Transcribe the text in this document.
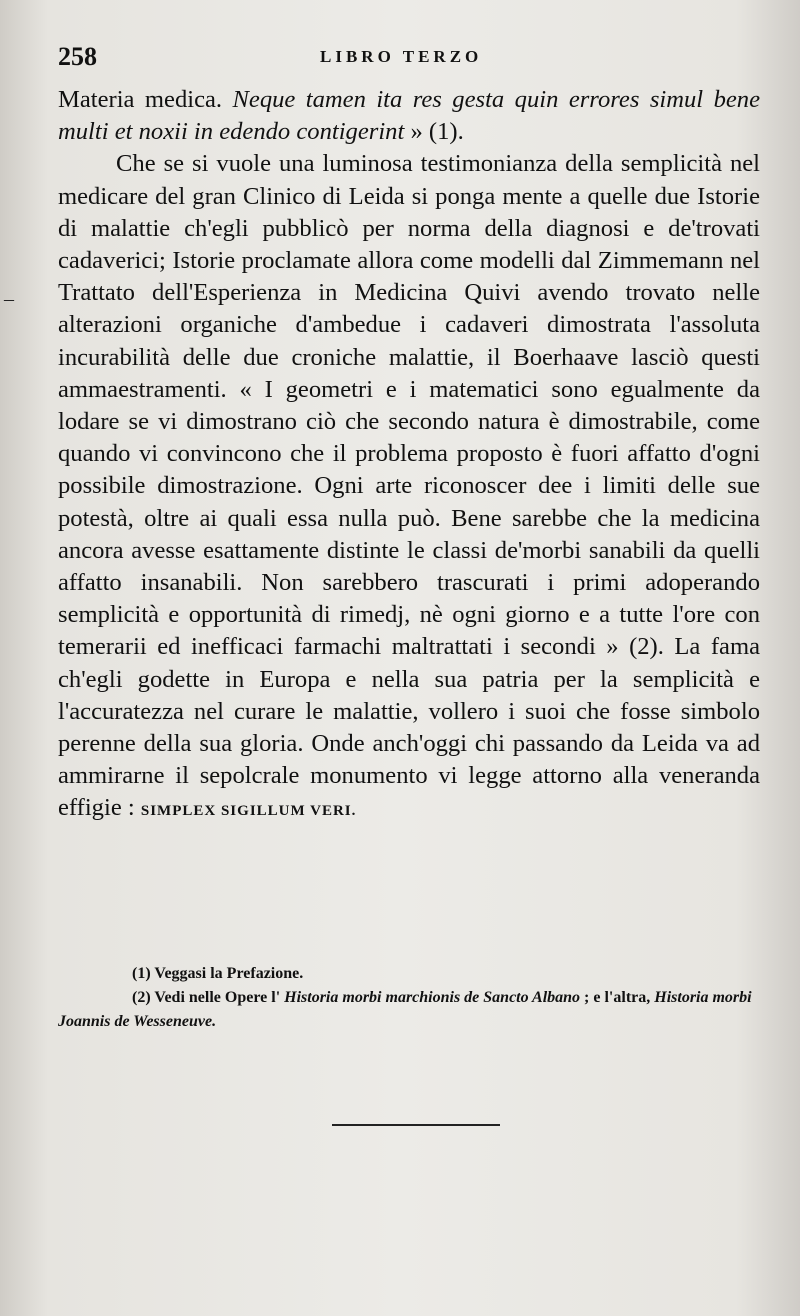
–
258	LIBRO TERZO

Materia medica. Neque tamen ita res gesta quin errores simul bene multi et noxii in edendo contigerint » (1).

Che se si vuole una luminosa testimonianza della semplicità nel medicare del gran Clinico di Leida si ponga mente a quelle due Istorie di malattie ch'egli pubblicò per norma della diagnosi e de'trovati cadaverici; Istorie proclamate allora come modelli dal Zimmemann nel Trattato dell'Esperienza in Medicina Quivi avendo trovato nelle alterazioni organiche d'ambedue i cadaveri dimostrata l'assoluta incurabilità delle due croniche malattie, il Boerhaave lasciò questi ammaestramenti. « I geometri e i matematici sono egualmente da lodare se vi dimostrano ciò che secondo natura è dimostrabile, come quando vi convincono che il problema proposto è fuori affatto d'ogni possibile dimostrazione. Ogni arte riconoscer dee i limiti delle sue potestà, oltre ai quali essa nulla può. Bene sarebbe che la medicina ancora avesse esattamente distinte le classi de'morbi sanabili da quelli affatto insanabili. Non sarebbero trascurati i primi adoperando semplicità e opportunità di rimedj, nè ogni giorno e a tutte l'ore con temerarii ed inefficaci farmachi maltrattati i secondi » (2). La fama ch'egli godette in Europa e nella sua patria per la semplicità e l'accuratezza nel curare le malattie, vollero i suoi che fosse simbolo perenne della sua gloria. Onde anch'oggi chi passando da Leida va ad ammirarne il sepolcrale monumento vi legge attorno alla veneranda effigie : SIMPLEX SIGILLUM VERI.

(1) Veggasi la Prefazione.

(2) Vedi nelle Opere l' Historia morbi marchionis de Sancto Albano ; e l'altra, Historia morbi Joannis de Wesseneuve.
